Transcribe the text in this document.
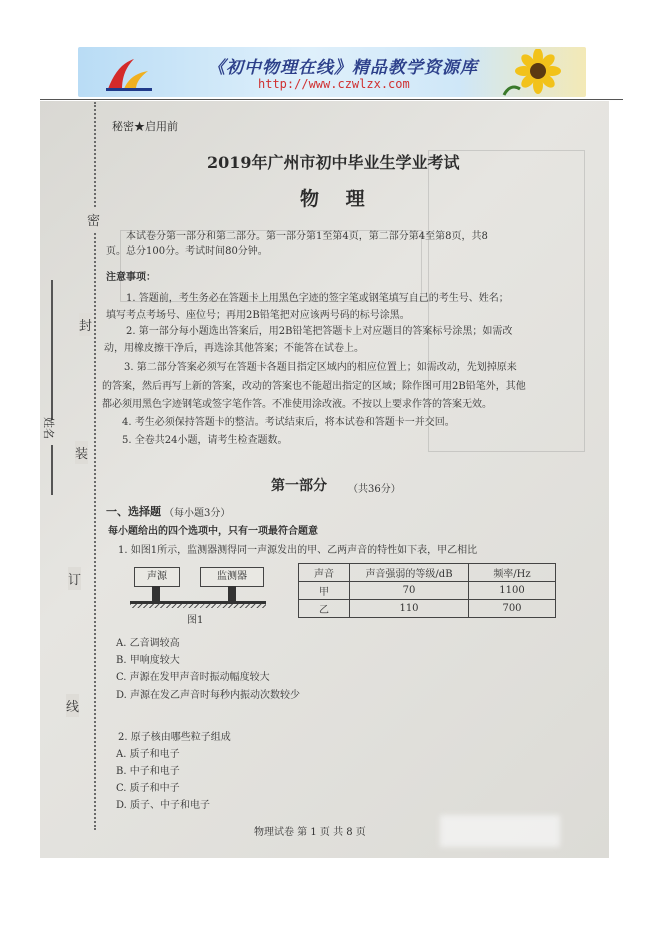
《初中物理在线》精品教学资源库
http://www.czwlzx.com
姓名
密
封
装
订
线
秘密★启用前
2019年广州市初中毕业生学业考试
物 理
本试卷分第一部分和第二部分。第一部分第1至第4页，第二部分第4至第8页，共8
页。总分100分。考试时间80分钟。
注意事项：
1. 答题前，考生务必在答题卡上用黑色字迹的签字笔或钢笔填写自己的考生号、姓名；
填写考点考场号、座位号；再用2B铅笔把对应该两号码的标号涂黑。
2. 第一部分每小题选出答案后，用2B铅笔把答题卡上对应题目的答案标号涂黑；如需改
动，用橡皮擦干净后，再选涂其他答案；不能答在试卷上。
3. 第二部分答案必须写在答题卡各题目指定区域内的相应位置上；如需改动，先划掉原来
的答案，然后再写上新的答案，改动的答案也不能超出指定的区域；除作图可用2B铅笔外，其他
都必须用黑色字迹钢笔或签字笔作答。不准使用涂改液。不按以上要求作答的答案无效。
4. 考生必须保持答题卡的整洁。考试结束后，将本试卷和答题卡一并交回。
5. 全卷共24小题，请考生检查题数。
第一部分 （共36分）
一、选择题 （每小题3分）
每小题给出的四个选项中，只有一项最符合题意
1. 如图1所示，监测器测得同一声源发出的甲、乙两声音的特性如下表，甲乙相比
声源	监测器
图1
声音	声音强弱的等级/dB	频率/Hz
甲	70	1100
乙	110	700
A. 乙音调较高
B. 甲响度较大
C. 声源在发甲声音时振动幅度较大
D. 声源在发乙声音时每秒内振动次数较少
2. 原子核由哪些粒子组成
A. 质子和电子
B. 中子和电子
C. 质子和中子
D. 质子、中子和电子
物理试卷 第 1 页 共 8 页
